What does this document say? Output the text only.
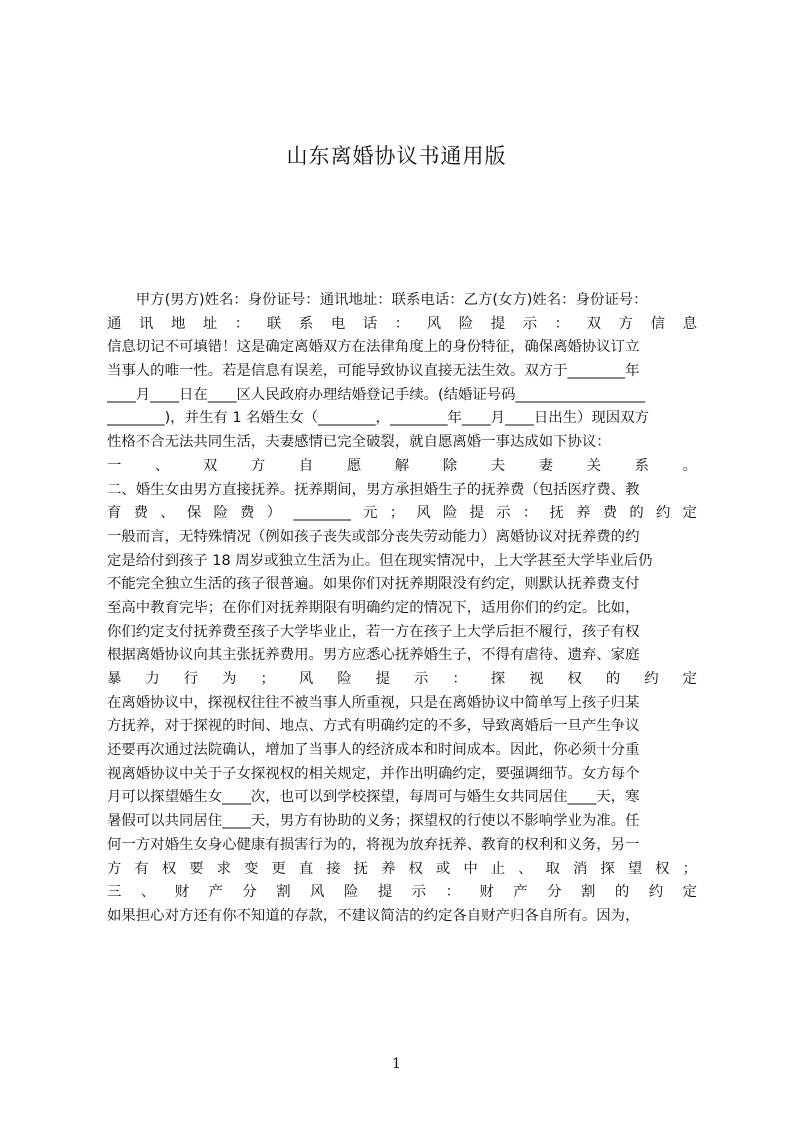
山东离婚协议书通用版
　　甲方(男方)姓名：身份证号：通讯地址：联系电话：乙方(女方)姓名：身份证号：
通讯地址：联系电话：风险提示：双方信息
信息切记不可填错！这是确定离婚双方在法律角度上的身份特征，确保离婚协议订立
当事人的唯一性。若是信息有误差，可能导致协议直接无法生效。双方于________年
____月____日在____区人民政府办理结婚登记手续。(结婚证号码__________________
________)，并生有 1 名婚生女（________，________年____月____日出生）现因双方
性格不合无法共同生活，夫妻感情已完全破裂，就自愿离婚一事达成如下协议：
一、双方自愿解除夫妻关系。
二、婚生女由男方直接抚养。抚养期间，男方承担婚生子的抚养费（包括医疗费、教
育费、保险费）________元；风险提示：抚养费的约定
一般而言，无特殊情况（例如孩子丧失或部分丧失劳动能力）离婚协议对抚养费的约
定是给付到孩子 18 周岁或独立生活为止。但在现实情况中，上大学甚至大学毕业后仍
不能完全独立生活的孩子很普遍。如果你们对抚养期限没有约定，则默认抚养费支付
至高中教育完毕；在你们对抚养期限有明确约定的情况下，适用你们的约定。比如，
你们约定支付抚养费至孩子大学毕业止，若一方在孩子上大学后拒不履行，孩子有权
根据离婚协议向其主张抚养费用。男方应悉心抚养婚生子，不得有虐待、遗弃、家庭
暴力行为；风险提示：探视权的约定
在离婚协议中，探视权往往不被当事人所重视，只是在离婚协议中简单写上孩子归某
方抚养，对于探视的时间、地点、方式有明确约定的不多，导致离婚后一旦产生争议
还要再次通过法院确认，增加了当事人的经济成本和时间成本。因此，你必须十分重
视离婚协议中关于子女探视权的相关规定，并作出明确约定，要强调细节。女方每个
月可以探望婚生女____次，也可以到学校探望，每周可与婚生女共同居住____天，寒
暑假可以共同居住____天，男方有协助的义务；探望权的行使以不影响学业为准。任
何一方对婚生女身心健康有损害行为的，将视为放弃抚养、教育的权利和义务，另一
方有权要求变更直接抚养权或中止、取消探望权；
三、财产分割风险提示：财产分割的约定
如果担心对方还有你不知道的存款，不建议简洁的约定各自财产归各自所有。因为，
1
